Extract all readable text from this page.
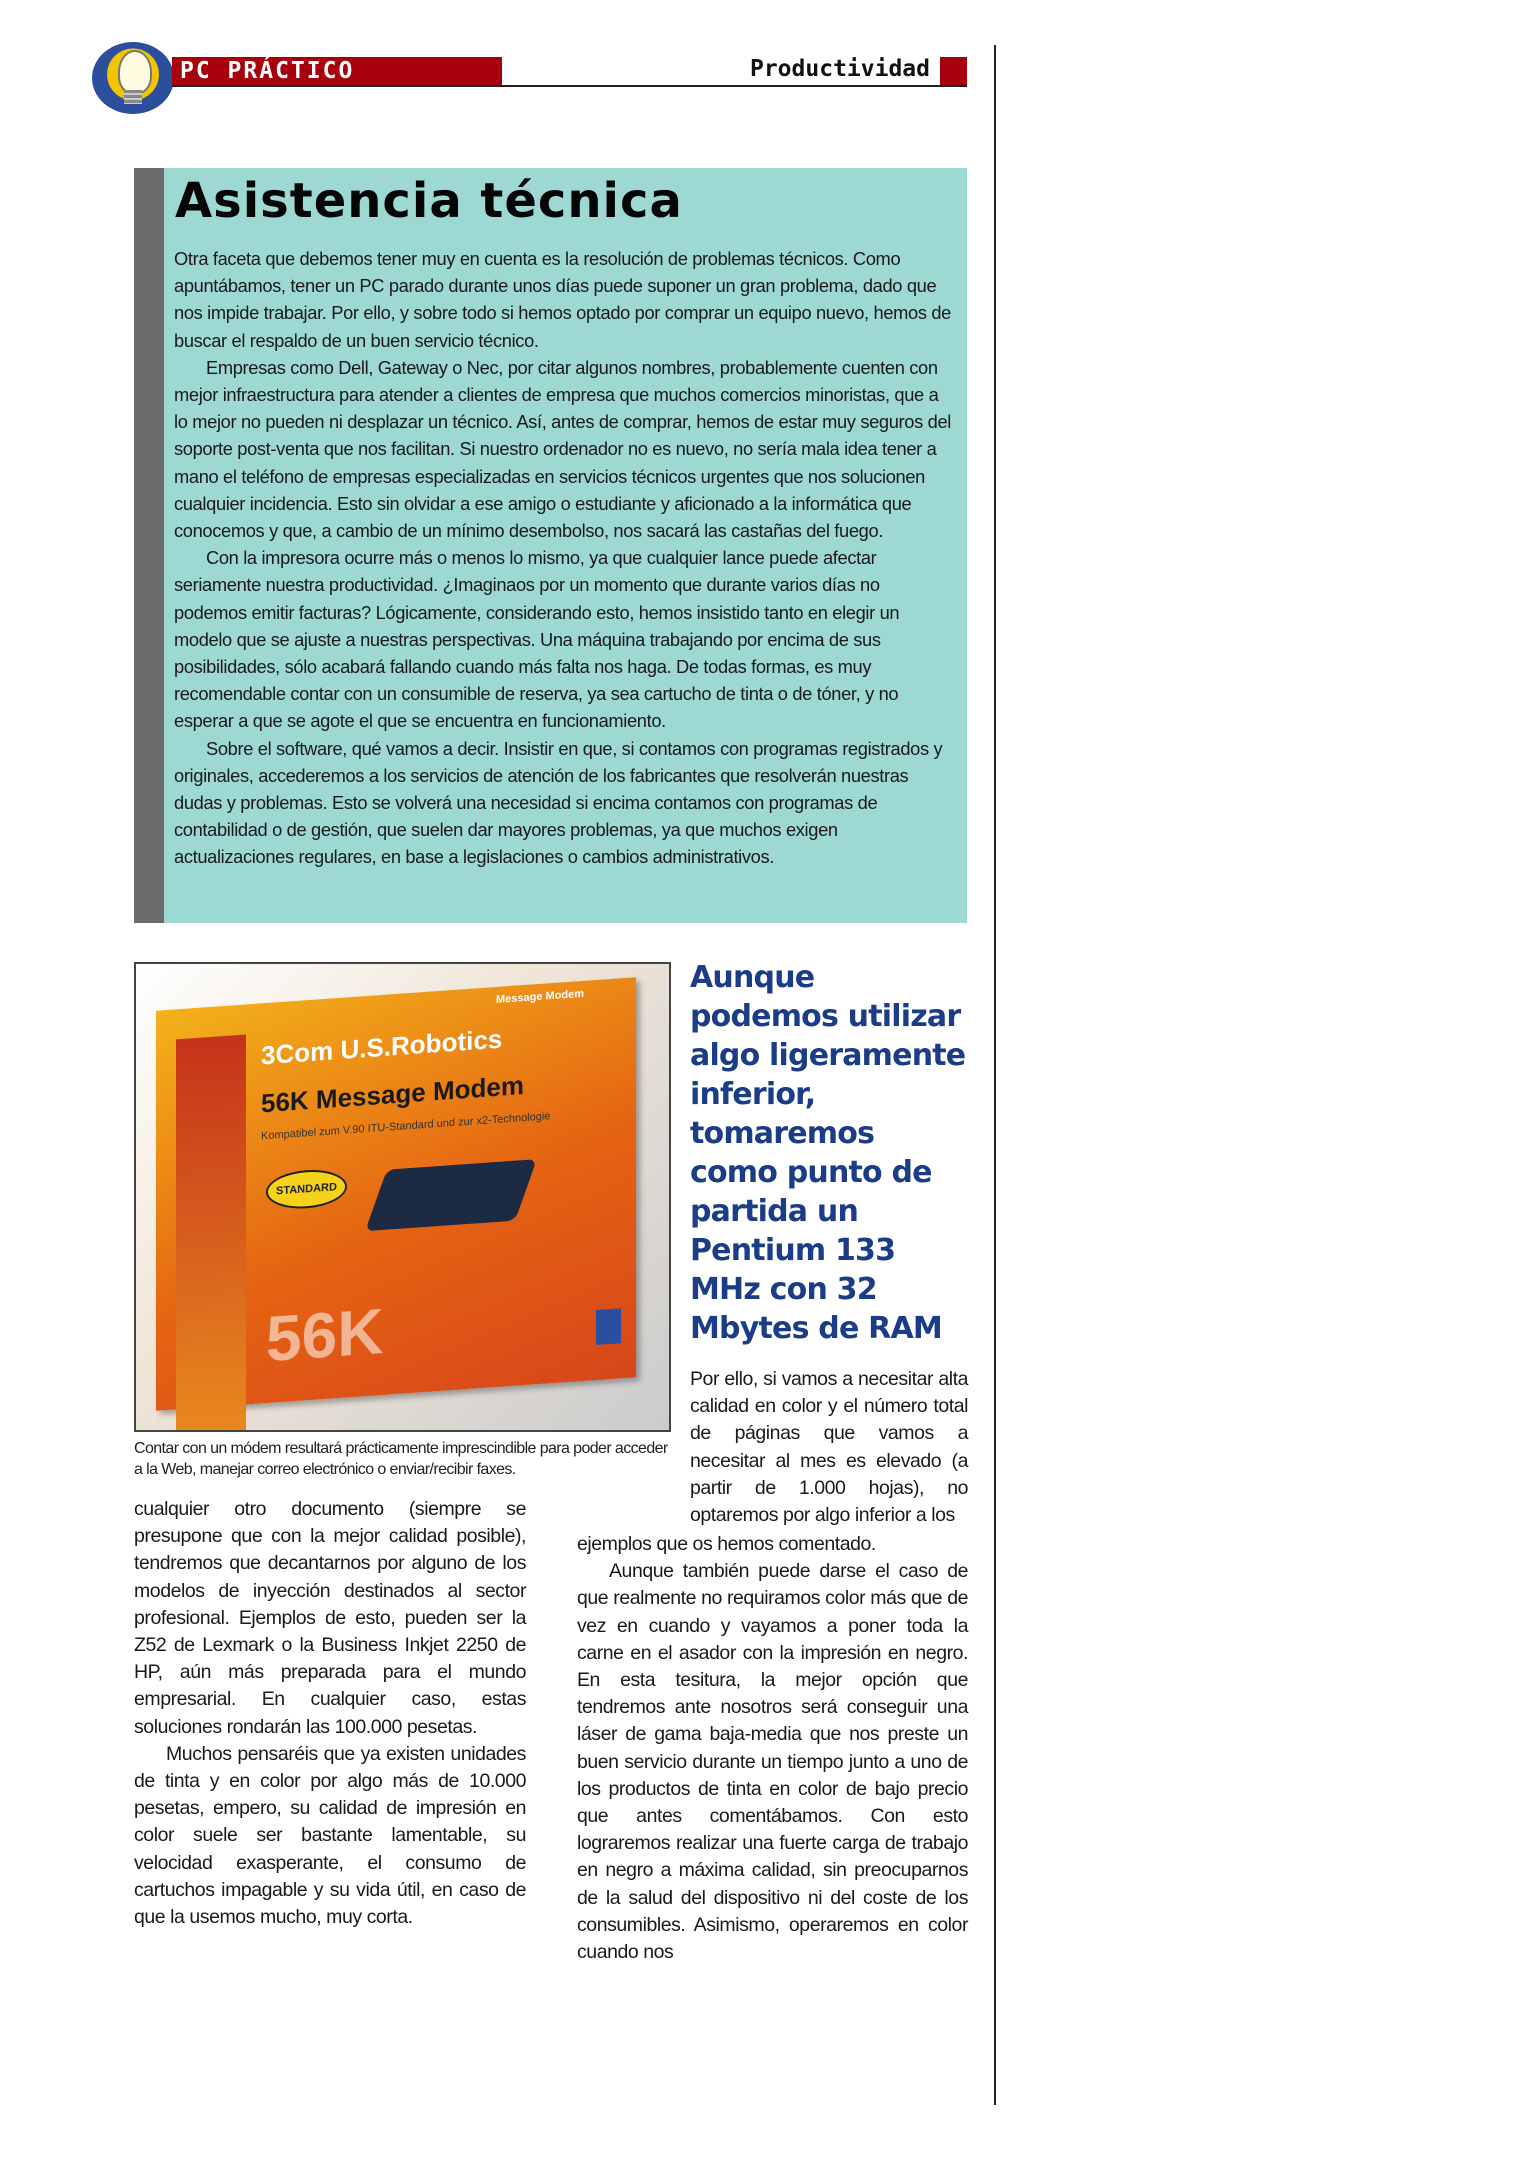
PC PRÁCTICO	Productividad
Asistencia técnica

Otra faceta que debemos tener muy en cuenta es la resolución de problemas técnicos. Como apuntábamos, tener un PC parado durante unos días puede suponer un gran problema, dado que nos impide trabajar. Por ello, y sobre todo si hemos optado por comprar un equipo nuevo, hemos de buscar el respaldo de un buen servicio técnico.

Empresas como Dell, Gateway o Nec, por citar algunos nombres, probablemente cuenten con mejor infraestructura para atender a clientes de empresa que muchos comercios minoristas, que a lo mejor no pueden ni desplazar un técnico. Así, antes de comprar, hemos de estar muy seguros del soporte post-venta que nos facilitan. Si nuestro ordenador no es nuevo, no sería mala idea tener a mano el teléfono de empresas especializadas en servicios técnicos urgentes que nos solucionen cualquier incidencia. Esto sin olvidar a ese amigo o estudiante y aficionado a la informática que conocemos y que, a cambio de un mínimo desembolso, nos sacará las castañas del fuego.

Con la impresora ocurre más o menos lo mismo, ya que cualquier lance puede afectar seriamente nuestra productividad. ¿Imaginaos por un momento que durante varios días no podemos emitir facturas? Lógicamente, considerando esto, hemos insistido tanto en elegir un modelo que se ajuste a nuestras perspectivas. Una máquina trabajando por encima de sus posibilidades, sólo acabará fallando cuando más falta nos haga. De todas formas, es muy recomendable contar con un consumible de reserva, ya sea cartucho de tinta o de tóner, y no esperar a que se agote el que se encuentra en funcionamiento.

Sobre el software, qué vamos a decir. Insistir en que, si contamos con programas registrados y originales, accederemos a los servicios de atención de los fabricantes que resolverán nuestras dudas y problemas. Esto se volverá una necesidad si encima contamos con programas de contabilidad o de gestión, que suelen dar mayores problemas, ya que muchos exigen actualizaciones regulares, en base a legislaciones o cambios administrativos.

Message Modem
3Com U.S.Robotics
56K Message Modem
Kompatibel zum V.90 ITU-Standard und zur x2-Technologie
STANDARD
56K
Contar con un módem resultará prácticamente imprescindible para poder acceder a la Web, manejar correo electrónico o enviar/recibir faxes.
Aunque podemos utilizar algo ligeramente inferior, tomaremos como punto de partida un Pentium 133 MHz con 32 Mbytes de RAM

Por ello, si vamos a necesitar alta calidad en color y el número total de páginas que vamos a necesitar al mes es elevado (a partir de 1.000 hojas), no optaremos por algo inferior a los

cualquier otro documento (siempre se presupone que con la mejor calidad posible), tendremos que decantarnos por alguno de los modelos de inyección destinados al sector profesional. Ejemplos de esto, pueden ser la Z52 de Lexmark o la Business Inkjet 2250 de HP, aún más preparada para el mundo empresarial. En cualquier caso, estas soluciones rondarán las 100.000 pesetas.

Muchos pensaréis que ya existen unidades de tinta y en color por algo más de 10.000 pesetas, empero, su calidad de impresión en color suele ser bastante lamentable, su velocidad exasperante, el consumo de cartuchos impagable y su vida útil, en caso de que la usemos mucho, muy corta.

ejemplos que os hemos comentado.

Aunque también puede darse el caso de que realmente no requiramos color más que de vez en cuando y vayamos a poner toda la carne en el asador con la impresión en negro. En esta tesitura, la mejor opción que tendremos ante nosotros será conseguir una láser de gama baja-media que nos preste un buen servicio durante un tiempo junto a uno de los productos de tinta en color de bajo precio que antes comentábamos. Con esto lograremos realizar una fuerte carga de trabajo en negro a máxima calidad, sin preocuparnos de la salud del dispositivo ni del coste de los consumibles. Asimismo, operaremos en color cuando nos
